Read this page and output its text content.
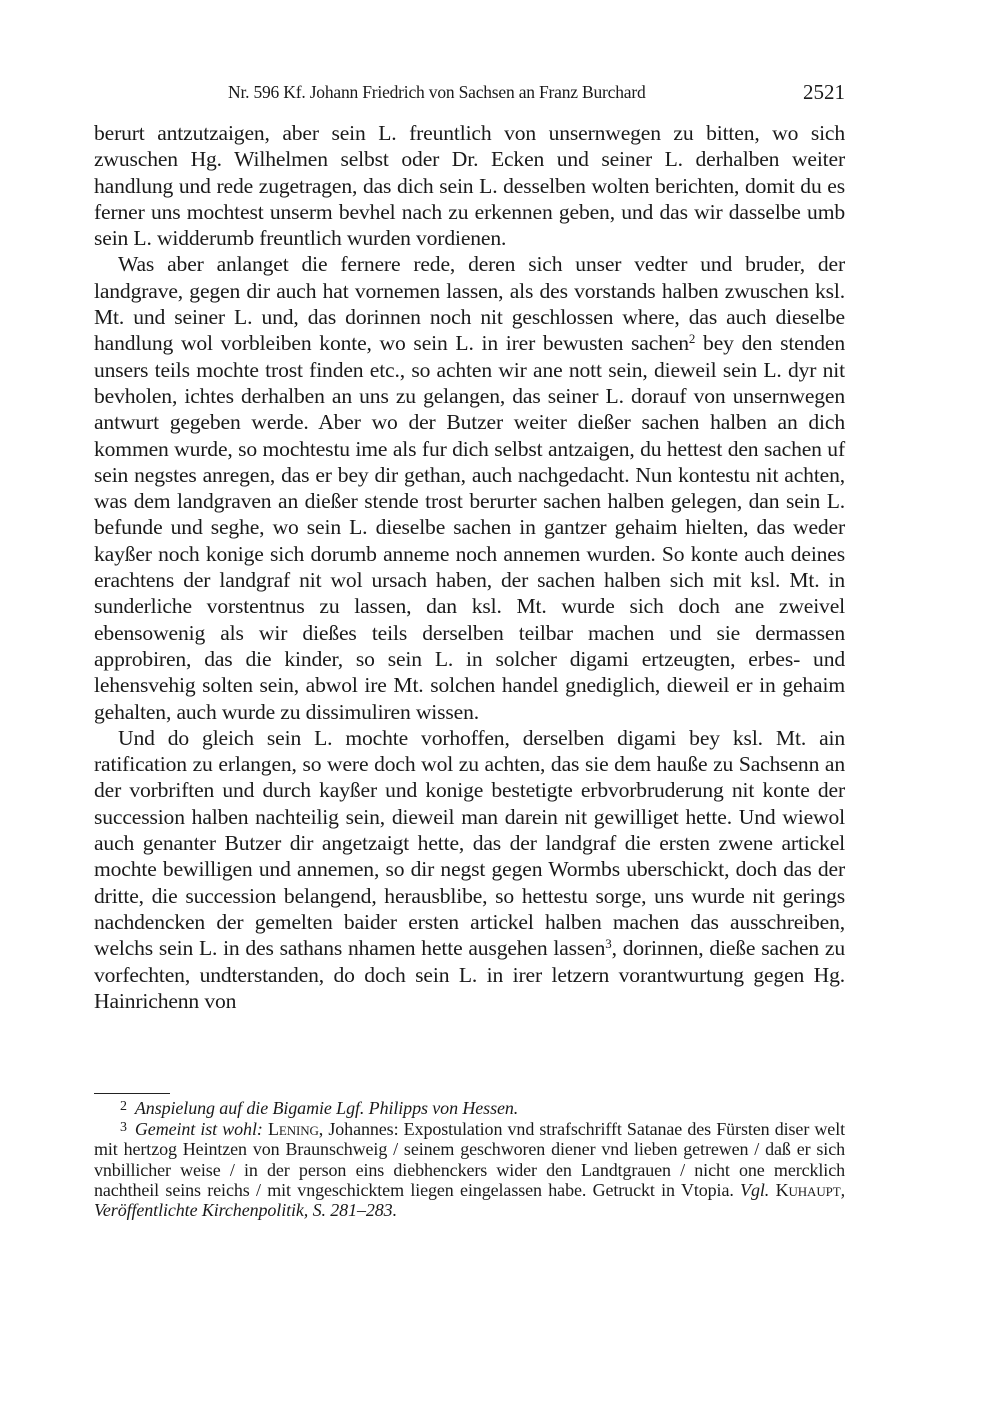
Nr. 596 Kf. Johann Friedrich von Sachsen an Franz Burchard	2521

berurt antzutzaigen, aber sein L. freuntlich von unsernwegen zu bitten, wo sich zwuschen Hg. Wilhelmen selbst oder Dr. Ecken und seiner L. derhalben weiter handlung und rede zugetragen, das dich sein L. desselben wolten berichten, domit du es ferner uns mochtest unserm bevhel nach zu erkennen geben, und das wir dasselbe umb sein L. widderumb freuntlich wurden vordienen.

Was aber anlanget die fernere rede, deren sich unser vedter und bruder, der landgrave, gegen dir auch hat vornemen lassen, als des vorstands halben zwuschen ksl. Mt. und seiner L. und, das dorinnen noch nit geschlossen where, das auch dieselbe handlung wol vorbleiben konte, wo sein L. in irer bewusten sachen$^2$ bey den stenden unsers teils mochte trost finden etc., so achten wir ane nott sein, dieweil sein L. dyr nit bevholen, ichtes derhalben an uns zu gelangen, das seiner L. dorauf von unsernwegen antwurt gegeben werde. Aber wo der Butzer weiter dießer sachen halben an dich kommen wurde, so mochtestu ime als fur dich selbst antzaigen, du hettest den sachen uf sein negstes anregen, das er bey dir gethan, auch nachgedacht. Nun kontestu nit achten, was dem landgraven an dießer stende trost berurter sachen halben gelegen, dan sein L. befunde und seghe, wo sein L. dieselbe sachen in gantzer gehaim hielten, das weder kayßer noch konige sich dorumb anneme noch annemen wurden. So konte auch deines erachtens der landgraf nit wol ursach haben, der sachen halben sich mit ksl. Mt. in sunderliche vorstentnus zu lassen, dan ksl. Mt. wurde sich doch ane zweivel ebensowenig als wir dießes teils derselben teilbar machen und sie dermassen approbiren, das die kinder, so sein L. in solcher digami ertzeugten, erbes- und lehensvehig solten sein, abwol ire Mt. solchen handel gnediglich, dieweil er in gehaim gehalten, auch wurde zu dissimuliren wissen.

Und do gleich sein L. mochte vorhoffen, derselben digami bey ksl. Mt. ain ratification zu erlangen, so were doch wol zu achten, das sie dem hauße zu Sachsenn an der vorbriften und durch kayßer und konige bestetigte erbvorbruderung nit konte der succession halben nachteilig sein, dieweil man darein nit gewilliget hette. Und wiewol auch genanter Butzer dir angetzaigt hette, das der landgraf die ersten zwene artickel mochte bewilligen und annemen, so dir negst gegen Wormbs uberschickt, doch das der dritte, die succession belangend, herausblibe, so hettestu sorge, uns wurde nit gerings nachdencken der gemelten baider ersten artickel halben machen das ausschreiben, welchs sein L. in des sathans nhamen hette ausgehen lassen$^3$, dorinnen, dieße sachen zu vorfechten, undterstanden, do doch sein L. in irer letzern vorantwurtung gegen Hg. Hainrichenn von

$^2$ Anspielung auf die Bigamie Lgf. Philipps von Hessen.

$^3$ Gemeint ist wohl: Lening, Johannes: Expostulation vnd strafschrifft Satanae des Fürsten diser welt mit hertzog Heintzen von Braunschweig / seinem geschworen diener vnd lieben getrewen / daß er sich vnbillicher weise / in der person eins diebhenckers wider den Landtgrauen / nicht one mercklich nachtheil seins reichs / mit vngeschicktem liegen eingelassen habe. Getruckt in Vtopia. Vgl. Kuhaupt, Veröffentlichte Kirchenpolitik, S. 281–283.
